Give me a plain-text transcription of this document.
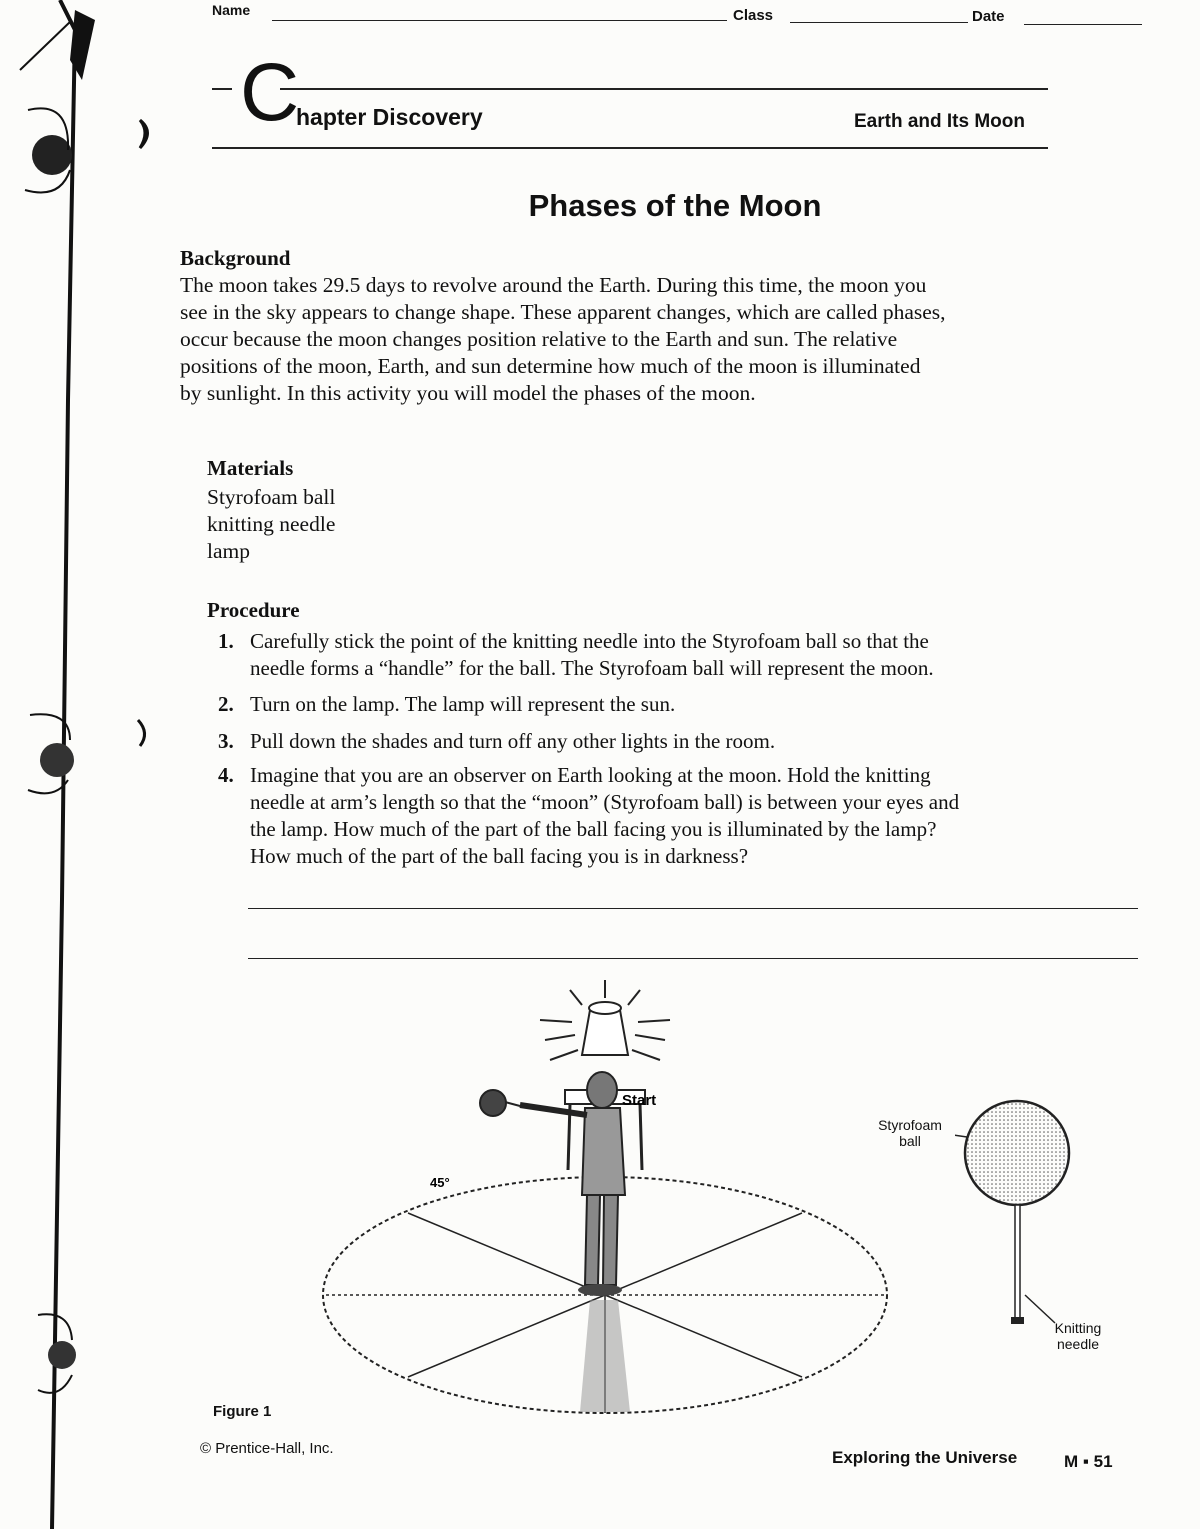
Name	Class	Date
C
hapter Discovery	Earth and Its Moon
Phases of the Moon
Background
The moon takes 29.5 days to revolve around the Earth. During this time, the moon you
see in the sky appears to change shape. These apparent changes, which are called phases,
occur because the moon changes position relative to the Earth and sun. The relative
positions of the moon, Earth, and sun determine how much of the moon is illuminated
by sunlight. In this activity you will model the phases of the moon.
Materials
Styrofoam ball
knitting needle
lamp
Procedure
1. Carefully stick the point of the knitting needle into the Styrofoam ball so that the
needle forms a “handle” for the ball. The Styrofoam ball will represent the moon.
2. Turn on the lamp. The lamp will represent the sun.
3. Pull down the shades and turn off any other lights in the room.
4. Imagine that you are an observer on Earth looking at the moon. Hold the knitting
needle at arm’s length so that the “moon” (Styrofoam ball) is between your eyes and
the lamp. How much of the part of the ball facing you is illuminated by the lamp?
How much of the part of the ball facing you is in darkness?
Start
45°
Styrofoam
ball
Knitting
needle
Figure 1
© Prentice-Hall, Inc.	Exploring the Universe	M ▪ 51
